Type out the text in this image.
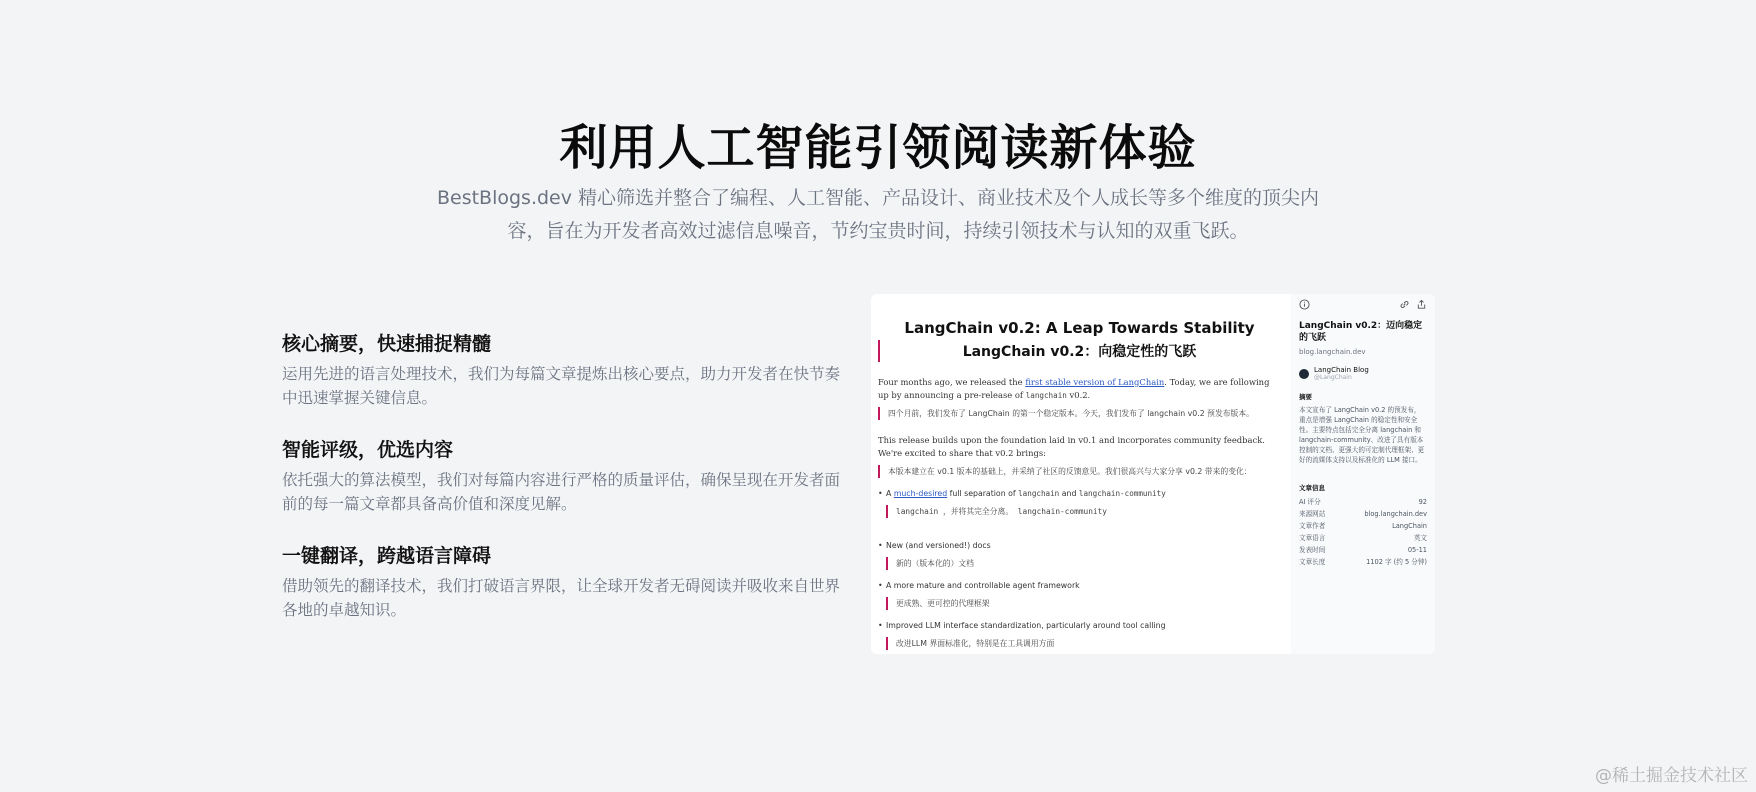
利用人工智能引领阅读新体验

BestBlogs.dev 精心筛选并整合了编程、人工智能、产品设计、商业技术及个人成长等多个维度的顶尖内容，旨在为开发者高效过滤信息噪音，节约宝贵时间，持续引领技术与认知的双重飞跃。

核心摘要，快速捕捉精髓

运用先进的语言处理技术，我们为每篇文章提炼出核心要点，助力开发者在快节奏中迅速掌握关键信息。

智能评级，优选内容

依托强大的算法模型，我们对每篇内容进行严格的质量评估，确保呈现在开发者面前的每一篇文章都具备高价值和深度见解。

一键翻译，跨越语言障碍

借助领先的翻译技术，我们打破语言界限，让全球开发者无碍阅读并吸收来自世界各地的卓越知识。

LangChain v0.2: A Leap Towards Stability
LangChain v0.2：向稳定性的飞跃
Four months ago, we released the first stable version of LangChain. Today, we are following up by announcing a pre-release of langchain v0.2.
四个月前，我们发布了 LangChain 的第一个稳定版本。今天，我们发布了 langchain v0.2 预发布版本。
This release builds upon the foundation laid in v0.1 and incorporates community feedback. We're excited to share that v0.2 brings:
本版本建立在 v0.1 版本的基础上，并采纳了社区的反馈意见。我们很高兴与大家分享 v0.2 带来的变化：
• A much-desired full separation of langchain and langchain-community
langchain ，并将其完全分离。 langchain-community
• New (and versioned!) docs
新的（版本化的）文档
• A more mature and controllable agent framework
更成熟、更可控的代理框架
• Improved LLM interface standardization, particularly around tool calling
改进LLM 界面标准化，特别是在工具调用方面
LangChain v0.2：迈向稳定的飞跃
blog.langchain.dev
LangChain Blog
@LangChain
摘要
本文宣布了 LangChain v0.2 的预发布，重点是增强 LangChain 的稳定性和安全性。主要特点包括完全分离 langchain 和 langchain-community、改进了具有版本控制的文档、更强大的可定制代理框架、更好的流媒体支持以及标准化的 LLM 接口。
文章信息
AI 评分	92
来源网站	blog.langchain.dev
文章作者	LangChain
文章语言	英文
发表时间	05-11
文章长度	1102 字 (约 5 分钟)
@稀土掘金技术社区
